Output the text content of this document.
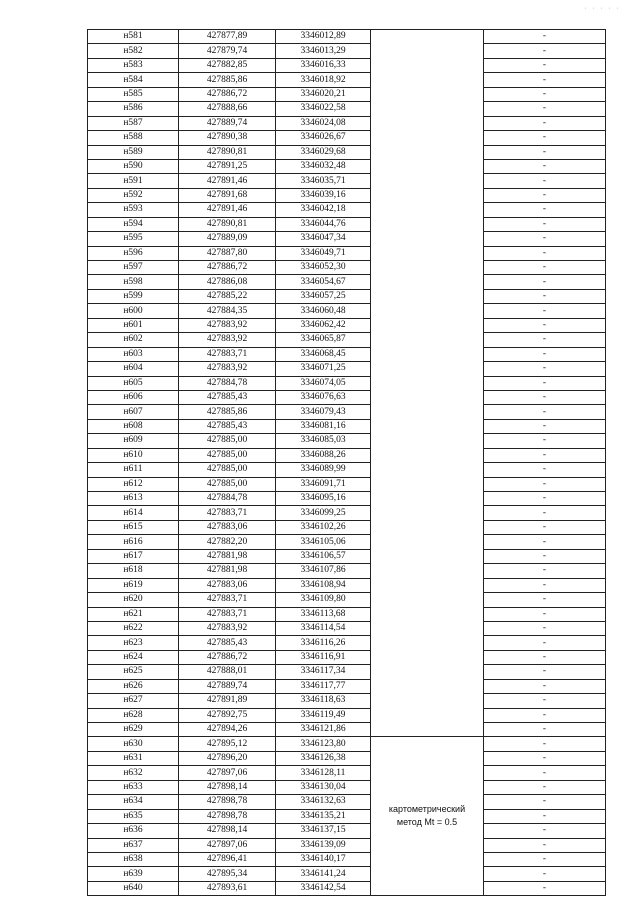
· · · · ·
н581	427877,89	3346012,89		-
н582	427879,74	3346013,29		-
н583	427882,85	3346016,33		-
н584	427885,86	3346018,92		-
н585	427886,72	3346020,21		-
н586	427888,66	3346022,58		-
н587	427889,74	3346024,08		-
н588	427890,38	3346026,67		-
н589	427890,81	3346029,68		-
н590	427891,25	3346032,48		-
н591	427891,46	3346035,71		-
н592	427891,68	3346039,16		-
н593	427891,46	3346042,18		-
н594	427890,81	3346044,76		-
н595	427889,09	3346047,34		-
н596	427887,80	3346049,71		-
н597	427886,72	3346052,30		-
н598	427886,08	3346054,67		-
н599	427885,22	3346057,25		-
н600	427884,35	3346060,48		-
н601	427883,92	3346062,42		-
н602	427883,92	3346065,87		-
н603	427883,71	3346068,45		-
н604	427883,92	3346071,25		-
н605	427884,78	3346074,05		-
н606	427885,43	3346076,63		-
н607	427885,86	3346079,43		-
н608	427885,43	3346081,16		-
н609	427885,00	3346085,03		-
н610	427885,00	3346088,26		-
н611	427885,00	3346089,99		-
н612	427885,00	3346091,71		-
н613	427884,78	3346095,16		-
н614	427883,71	3346099,25		-
н615	427883,06	3346102,26		-
н616	427882,20	3346105,06		-
н617	427881,98	3346106,57		-
н618	427881,98	3346107,86		-
н619	427883,06	3346108,94		-
н620	427883,71	3346109,80		-
н621	427883,71	3346113,68		-
н622	427883,92	3346114,54		-
н623	427885,43	3346116,26		-
н624	427886,72	3346116,91		-
н625	427888,01	3346117,34		-
н626	427889,74	3346117,77		-
н627	427891,89	3346118,63		-
н628	427892,75	3346119,49		-
н629	427894,26	3346121,86		-
н630	427895,12	3346123,80	картометрический
метод Mt = 0.5	-
н631	427896,20	3346126,38		-
н632	427897,06	3346128,11		-
н633	427898,14	3346130,04		-
н634	427898,78	3346132,63		-
н635	427898,78	3346135,21		-
н636	427898,14	3346137,15		-
н637	427897,06	3346139,09		-
н638	427896,41	3346140,17		-
н639	427895,34	3346141,24		-
н640	427893,61	3346142,54		-
